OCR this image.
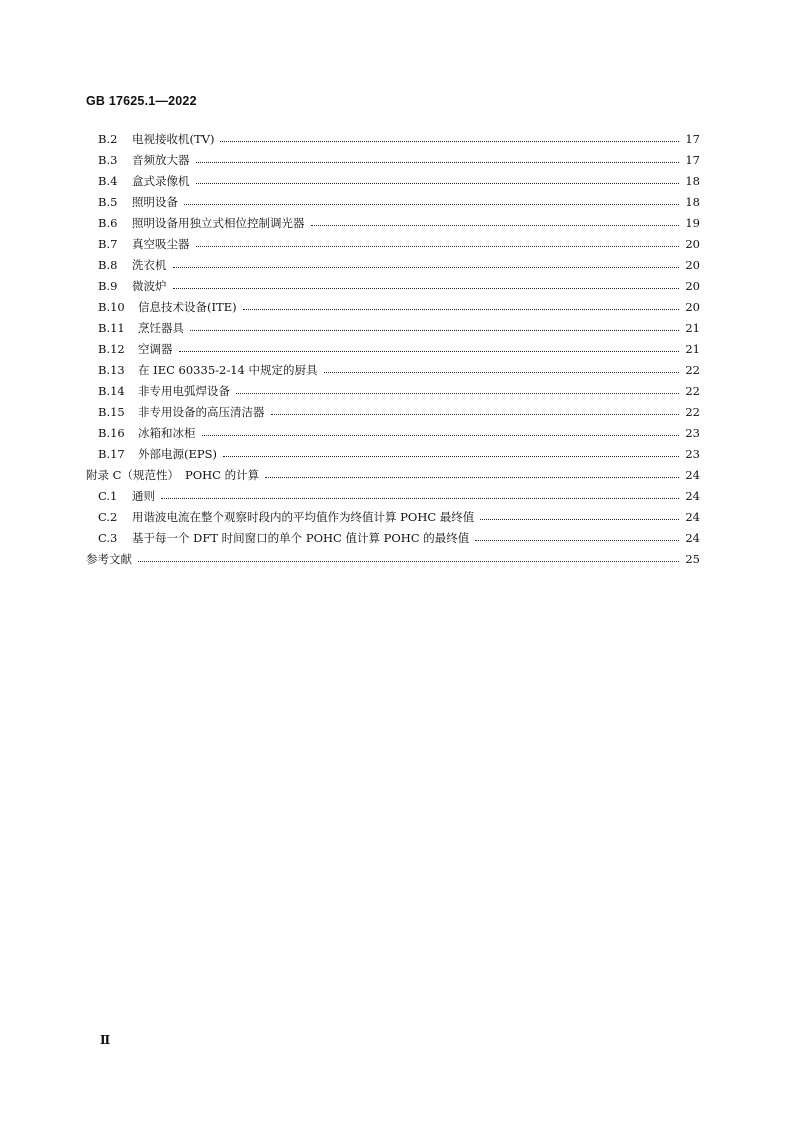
GB 17625.1—2022
B.2	电视接收机(TV)	17
B.3	音频放大器	17
B.4	盒式录像机	18
B.5	照明设备	18
B.6	照明设备用独立式相位控制调光器	19
B.7	真空吸尘器	20
B.8	洗衣机	20
B.9	微波炉	20
B.10	信息技术设备(ITE)	20
B.11	烹饪器具	21
B.12	空调器	21
B.13	在 IEC 60335-2-14 中规定的厨具	22
B.14	非专用电弧焊设备	22
B.15	非专用设备的高压清洁器	22
B.16	冰箱和冰柜	23
B.17	外部电源(EPS)	23
附录 C（规范性） POHC 的计算	24
C.1	通则	24
C.2	用谐波电流在整个观察时段内的平均值作为终值计算 POHC 最终值	24
C.3	基于每一个 DFT 时间窗口的单个 POHC 值计算 POHC 的最终值	24
参考文献	25
Ⅱ
